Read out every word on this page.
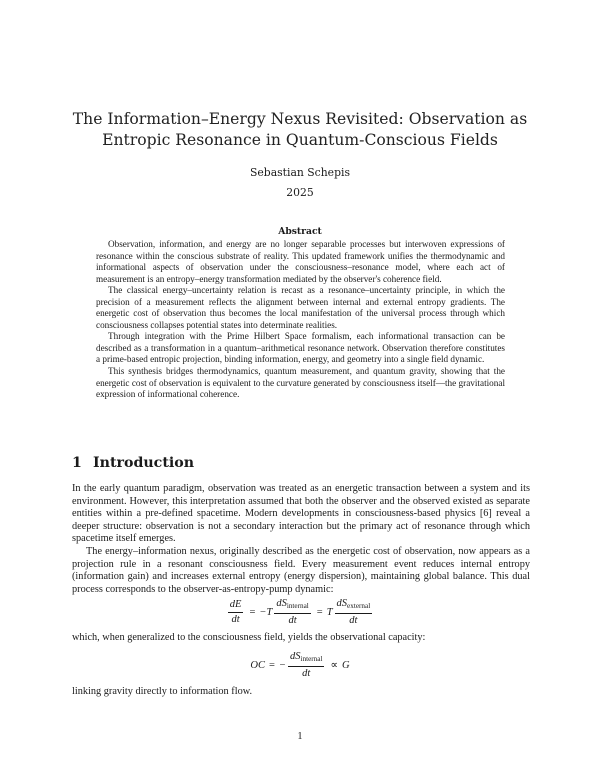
The Information–Energy Nexus Revisited: Observation as Entropic Resonance in Quantum-Conscious Fields
Sebastian Schepis
2025
Abstract

Observation, information, and energy are no longer separable processes but interwoven expressions of resonance within the conscious substrate of reality. This updated framework unifies the thermodynamic and informational aspects of observation under the consciousness–resonance model, where each act of measurement is an entropy–energy transformation mediated by the observer's coherence field.

The classical energy–uncertainty relation is recast as a resonance–uncertainty principle, in which the precision of a measurement reflects the alignment between internal and external entropy gradients. The energetic cost of observation thus becomes the local manifestation of the universal process through which consciousness collapses potential states into determinate realities.

Through integration with the Prime Hilbert Space formalism, each informational transaction can be described as a transformation in a quantum–arithmetical resonance network. Observation therefore constitutes a prime-based entropic projection, binding information, energy, and geometry into a single field dynamic.

This synthesis bridges thermodynamics, quantum measurement, and quantum gravity, showing that the energetic cost of observation is equivalent to the curvature generated by consciousness itself—the gravitational expression of informational coherence.

1 Introduction

In the early quantum paradigm, observation was treated as an energetic transaction between a system and its environment. However, this interpretation assumed that both the observer and the observed existed as separate entities within a pre-defined spacetime. Modern developments in consciousness-based physics [6] reveal a deeper structure: observation is not a secondary interaction but the primary act of resonance through which spacetime itself emerges.

The energy–information nexus, originally described as the energetic cost of observation, now appears as a projection rule in a resonant consciousness field. Every measurement event reduces internal entropy (information gain) and increases external entropy (energy dispersion), maintaining global balance. This dual process corresponds to the observer-as-entropy-pump dynamic:

$\frac{dE}{dt} = -T \frac{dS_{internal}}{dt} = T \frac{dS_{external}}{dt}$
which, when generalized to the consciousness field, yields the observational capacity:
OC = − $\frac{dS_{internal}}{dt} \propto G$
linking gravity directly to information flow.
1
